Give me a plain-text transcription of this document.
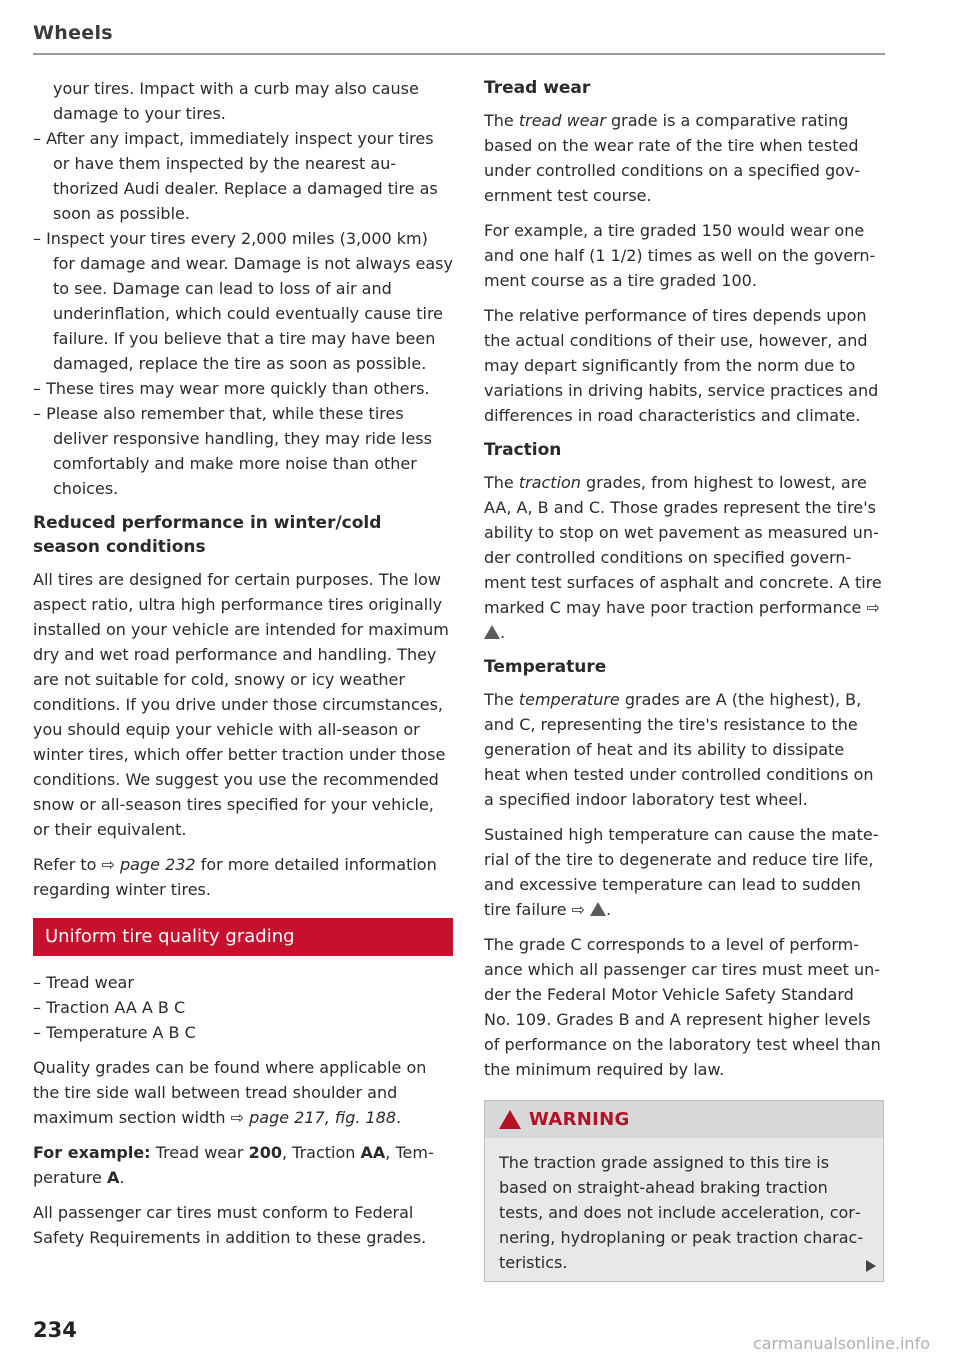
Wheels

your tires. Impact with a curb may also cause damage to your tires.

– After any impact, immediately inspect your tires or have them inspected by the nearest authorized Audi dealer. Replace a damaged tire as soon as possible.

– Inspect your tires every 2,000 miles (3,000 km) for damage and wear. Damage is not always easy to see. Damage can lead to loss of air and underinflation, which could eventually cause tire failure. If you believe that a tire may have been damaged, replace the tire as soon as possible.

– These tires may wear more quickly than others.

– Please also remember that, while these tires deliver responsive handling, they may ride less comfortably and make more noise than other choices.

Reduced performance in winter/cold season conditions

All tires are designed for certain purposes. The low aspect ratio, ultra high performance tires originally installed on your vehicle are intended for maximum dry and wet road performance and handling. They are not suitable for cold, snowy or icy weather conditions. If you drive under those circumstances, you should equip your vehicle with all-season or winter tires, which offer better traction under those conditions. We suggest you use the recommended snow or all-season tires specified for your vehicle, or their equivalent.

Refer to ⇨ page 232 for more detailed information regarding winter tires.

Uniform tire quality grading

– Tread wear

– Traction AA A B C

– Temperature A B C

Quality grades can be found where applicable on the tire side wall between tread shoulder and maximum section width ⇨ page 217, fig. 188.

For example: Tread wear 200, Traction AA, Temperature A.

All passenger car tires must conform to Federal Safety Requirements in addition to these grades.

Tread wear

The tread wear grade is a comparative rating based on the wear rate of the tire when tested under controlled conditions on a specified government test course.

For example, a tire graded 150 would wear one and one half (1 1/2) times as well on the government course as a tire graded 100.

The relative performance of tires depends upon the actual conditions of their use, however, and may depart significantly from the norm due to variations in driving habits, service practices and differences in road characteristics and climate.

Traction

The traction grades, from highest to lowest, are AA, A, B and C. Those grades represent the tire's ability to stop on wet pavement as measured under controlled conditions on specified government test surfaces of asphalt and concrete. A tire marked C may have poor traction performance ⇨ .

Temperature

The temperature grades are A (the highest), B, and C, representing the tire's resistance to the generation of heat and its ability to dissipate heat when tested under controlled conditions on a specified indoor laboratory test wheel.

Sustained high temperature can cause the material of the tire to degenerate and reduce tire life, and excessive temperature can lead to sudden tire failure ⇨ .

The grade C corresponds to a level of performance which all passenger car tires must meet under the Federal Motor Vehicle Safety Standard No. 109. Grades B and A represent higher levels of performance on the laboratory test wheel than the minimum required by law.

WARNING

The traction grade assigned to this tire is based on straight-ahead braking traction tests, and does not include acceleration, cornering, hydroplaning or peak traction characteristics.

234
carmanualsonline.info
